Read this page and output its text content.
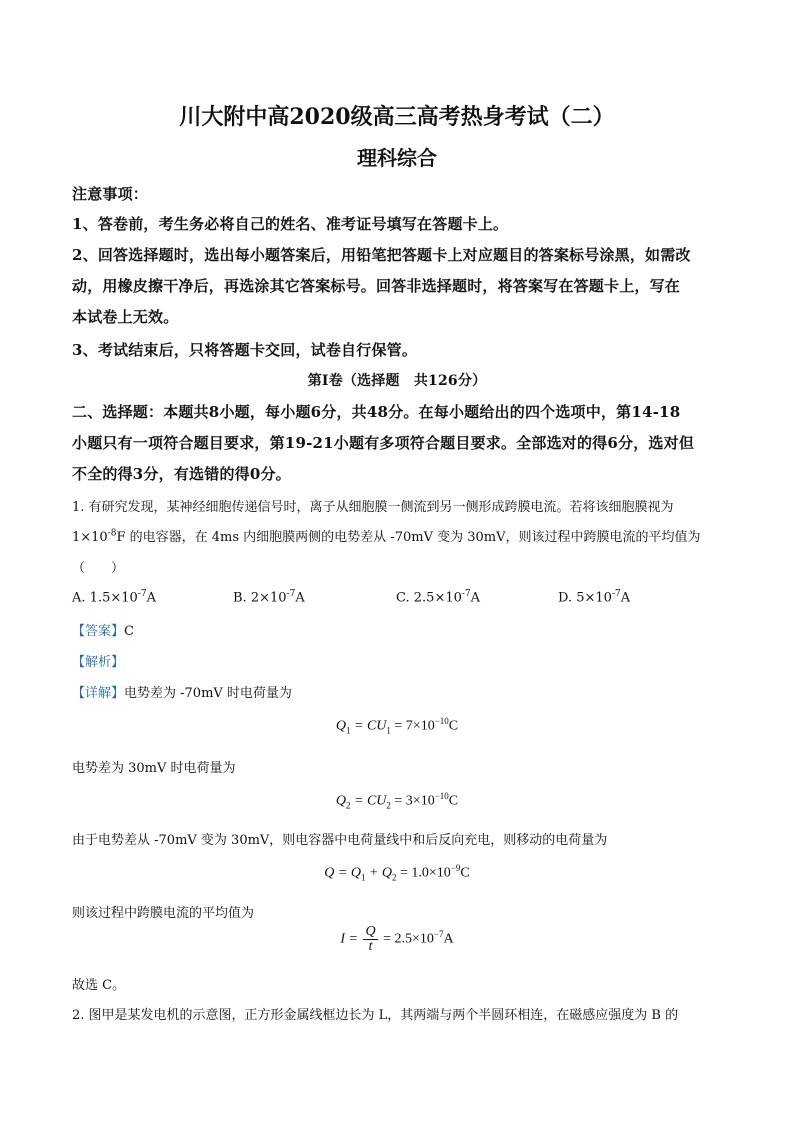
川大附中高2020级高三高考热身考试（二）
理科综合
注意事项：
1、答卷前，考生务必将自己的姓名、准考证号填写在答题卡上。
2、回答选择题时，选出每小题答案后，用铅笔把答题卡上对应题目的答案标号涂黑，如需改
动，用橡皮擦干净后，再选涂其它答案标号。回答非选择题时，将答案写在答题卡上，写在
本试卷上无效。
3、考试结束后，只将答题卡交回，试卷自行保管。
第Ⅰ卷（选择题　共126分）
二、选择题：本题共8小题，每小题6分，共48分。在每小题给出的四个选项中，第14-18
小题只有一项符合题目要求，第19-21小题有多项符合题目要求。全部选对的得6分，选对但
不全的得3分，有选错的得0分。
1. 有研究发现，某神经细胞传递信号时，离子从细胞膜一侧流到另一侧形成跨膜电流。若将该细胞膜视为
$1\times 10^{-8}F$ 的电容器，在 4ms 内细胞膜两侧的电势差从 -70mV 变为 30mV，则该过程中跨膜电流的平均值为
（　　）
A. $1.5\times 10^{-7}A$	B. $2\times 10^{-7}A$	C. $2.5\times 10^{-7}A$	D. $5\times 10^{-7}A$
【答案】C
【解析】
【详解】电势差为 -70mV 时电荷量为
$Q_1 = CU_1 = 7\times 10^{-10}C$
电势差为 30mV 时电荷量为
$Q_2 = CU_2 = 3\times 10^{-10}C$
由于电势差从 -70mV 变为 30mV，则电容器中电荷量线中和后反向充电，则移动的电荷量为
$Q = Q_1 + Q_2 = 1.0\times 10^{-9}C$
则该过程中跨膜电流的平均值为
$I = \frac{Q}{t} = 2.5\times 10^{-7}A$
故选 C。
2. 图甲是某发电机的示意图，正方形金属线框边长为 L，其两端与两个半圆环相连，在磁感应强度为 B 的
